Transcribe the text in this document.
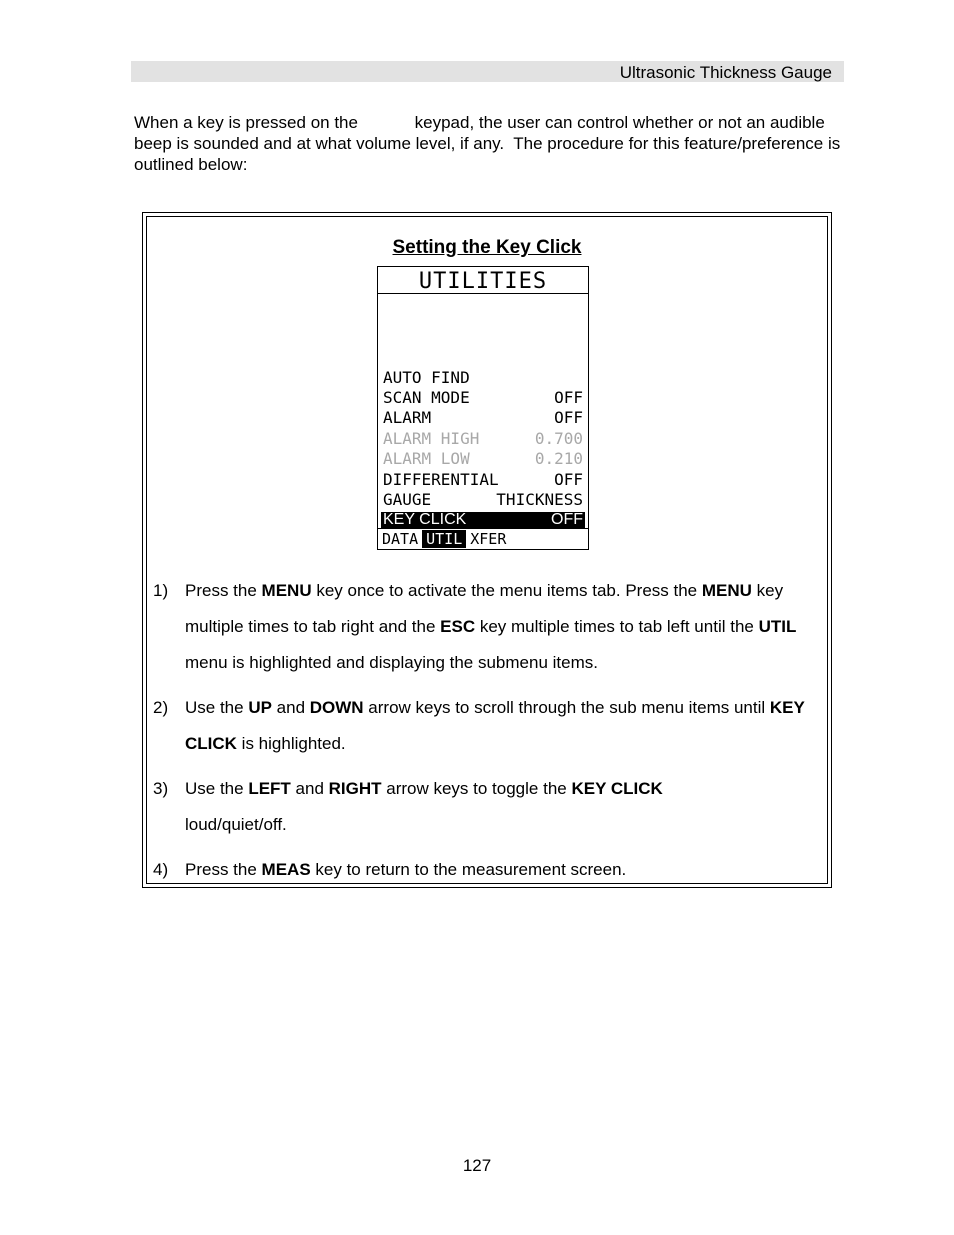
Ultrasonic Thickness Gauge

When a key is pressed on the            keypad, the user can control whether or not an audible beep is sounded and at what volume level, if any.  The procedure for this feature/preference is outlined below:

Setting the Key Click
UTILITIES
AUTO FIND
SCAN MODE	OFF
ALARM	OFF
ALARM HIGH	0.700
ALARM LOW	0.210
DIFFERENTIAL	OFF
GAUGE	THICKNESS
KEY CLICK	OFF
DATA UTIL XFER
1) Press the MENU key once to activate the menu items tab. Press the MENU key multiple times to tab right and the ESC key multiple times to tab left until the UTIL menu is highlighted and displaying the submenu items.
2) Use the UP and DOWN arrow keys to scroll through the sub menu items until KEY CLICK is highlighted.
3) Use the LEFT and RIGHT arrow keys to toggle the KEY CLICK
loud/quiet/off.
4) Press the MEAS key to return to the measurement screen.
127
